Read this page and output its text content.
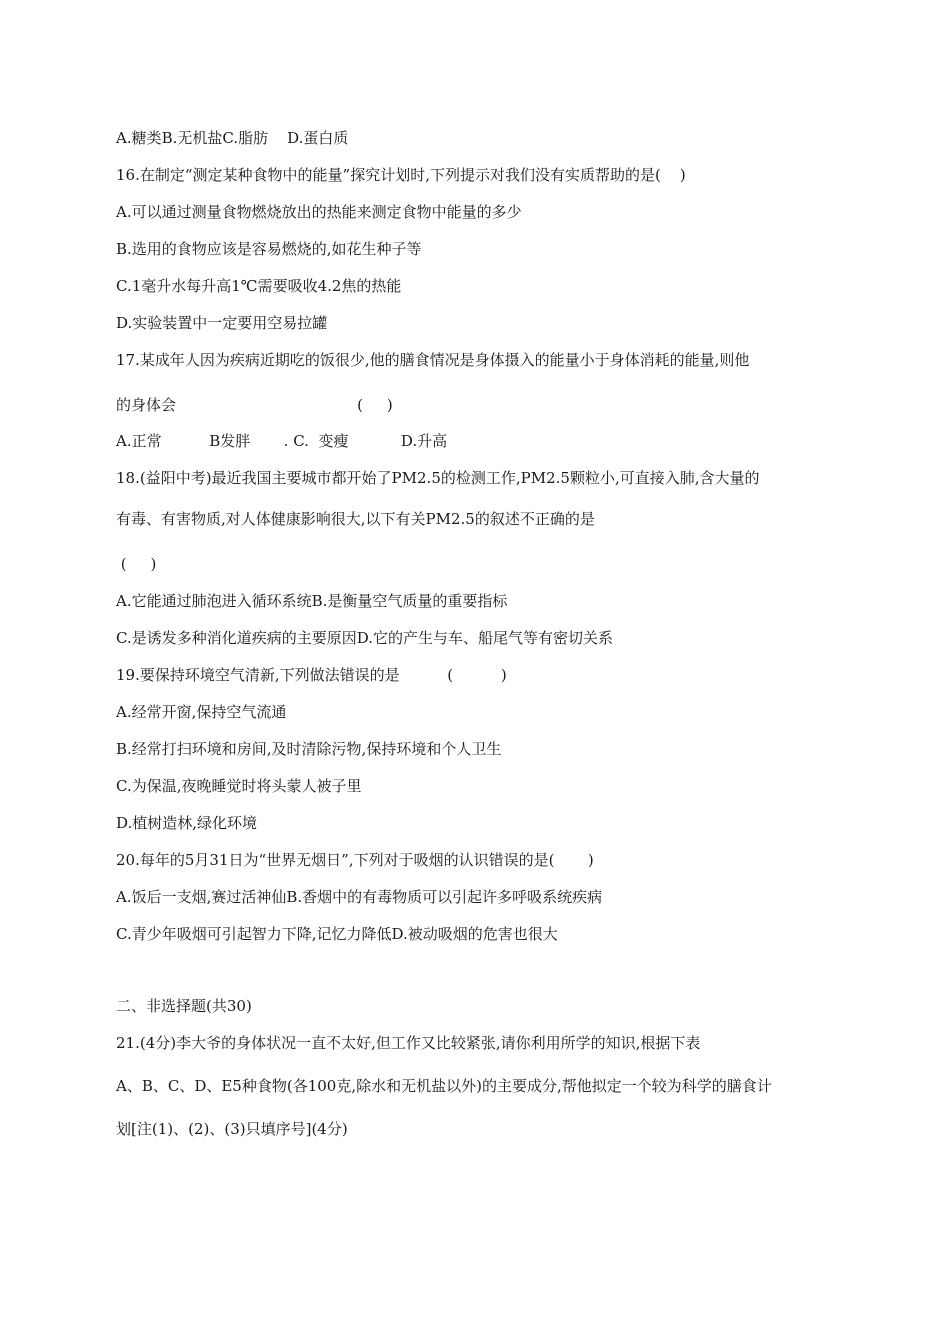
A.糖类B.无机盐C.脂肪    D.蛋白质

16.在制定“测定某种食物中的能量”探究计划时,下列提示对我们没有实质帮助的是(    )

A.可以通过测量食物燃烧放出的热能来测定食物中能量的多少

B.选用的食物应该是容易燃烧的,如花生种子等

C.1毫升水每升高1℃需要吸收4.2焦的热能

D.实验装置中一定要用空易拉罐

17.某成年人因为疾病近期吃的饭很少,他的膳食情况是身体摄入的能量小于身体消耗的能量,则他

的身体会                                      (     )

A.正常          B发胖       . C.  变瘦           D.升高

18.(益阳中考)最近我国主要城市都开始了PM2.5的检测工作,PM2.5颗粒小,可直接入肺,含大量的

有毒、有害物质,对人体健康影响很大,以下有关PM2.5的叙述不正确的是

(     )

A.它能通过肺泡进入循环系统B.是衡量空气质量的重要指标

C.是诱发多种消化道疾病的主要原因D.它的产生与车、船尾气等有密切关系

19.要保持环境空气清新,下列做法错误的是          (          )

A.经常开窗,保持空气流通

B.经常打扫环境和房间,及时清除污物,保持环境和个人卫生

C.为保温,夜晚睡觉时将头蒙人被子里

D.植树造林,绿化环境

20.每年的5月31日为“世界无烟日”,下列对于吸烟的认识错误的是(       )

A.饭后一支烟,赛过活神仙B.香烟中的有毒物质可以引起许多呼吸系统疾病

C.青少年吸烟可引起智力下降,记忆力降低D.被动吸烟的危害也很大

二、非选择题(共30)

21.(4分)李大爷的身体状况一直不太好,但工作又比较紧张,请你利用所学的知识,根据下表

A、B、C、D、E5种食物(各100克,除水和无机盐以外)的主要成分,帮他拟定一个较为科学的膳食计

划[注(1)、(2)、(3)只填序号](4分)
